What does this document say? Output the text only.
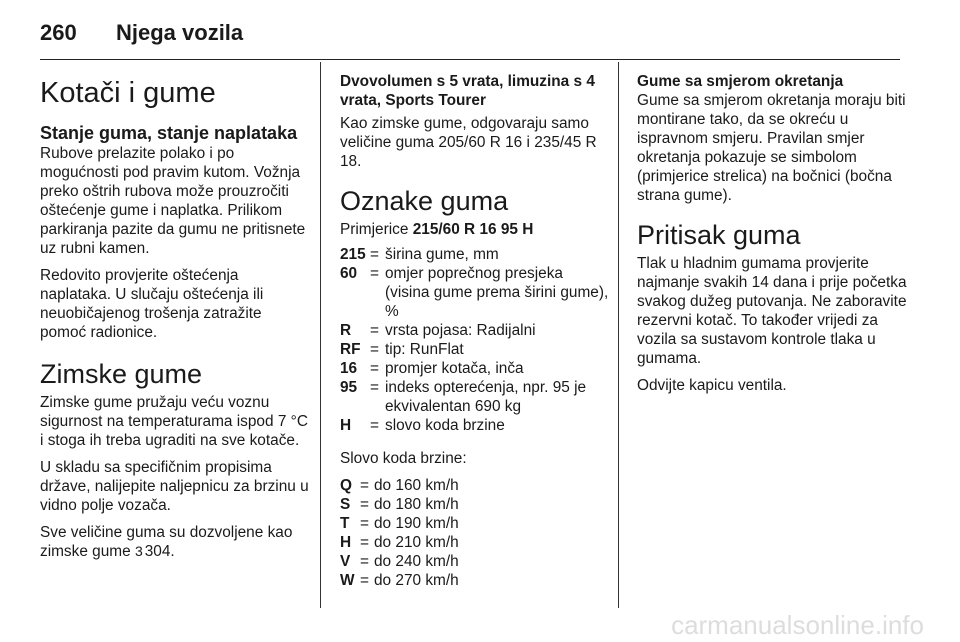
260 Njega vozila
Kotači i gume
Stanje guma, stanje naplataka

Rubove prelazite polako i po mogućnosti pod pravim kutom. Vožnja preko oštrih rubova može prouzročiti oštećenje gume i naplatka. Prilikom parkiranja pazite da gumu ne pritisnete uz rubni kamen.

Redovito provjerite oštećenja naplataka. U slučaju oštećenja ili neuobičajenog trošenja zatražite pomoć radionice.

Zimske gume

Zimske gume pružaju veću voznu sigurnost na temperaturama ispod 7 °C i stoga ih treba ugraditi na sve kotače.

U skladu sa specifičnim propisima države, nalijepite naljepnicu za brzinu u vidno polje vozača.

Sve veličine guma su dozvoljene kao zimske gume 3 304.

Dvovolumen s 5 vrata, limuzina s 4 vrata, Sports Tourer

Kao zimske gume, odgovaraju samo veličine guma 205/60 R 16 i 235/45 R 18.

Oznake guma

Primjerice 215/60 R 16 95 H

215 = širina gume, mm
60 = omjer poprečnog presjeka (visina gume prema širini gume), %
R	= vrsta pojasa: Radijalni
RF = tip: RunFlat
16 = promjer kotača, inča
95 = indeks opterećenja, npr. 95 je ekvivalentan 690 kg
H	= slovo koda brzine

Slovo koda brzine:

Q = do 160 km/h
S = do 180 km/h
T = do 190 km/h
H = do 210 km/h
V = do 240 km/h
W = do 270 km/h
Gume sa smjerom okretanja

Gume sa smjerom okretanja moraju biti montirane tako, da se okreću u ispravnom smjeru. Pravilan smjer okretanja pokazuje se simbolom (primjerice strelica) na bočnici (bočna strana gume).

Pritisak guma

Tlak u hladnim gumama provjerite najmanje svakih 14 dana i prije početka svakog dužeg putovanja. Ne zaboravite rezervni kotač. To također vrijedi za vozila sa sustavom kontrole tlaka u gumama.

Odvijte kapicu ventila.

carmanualsonline.info
